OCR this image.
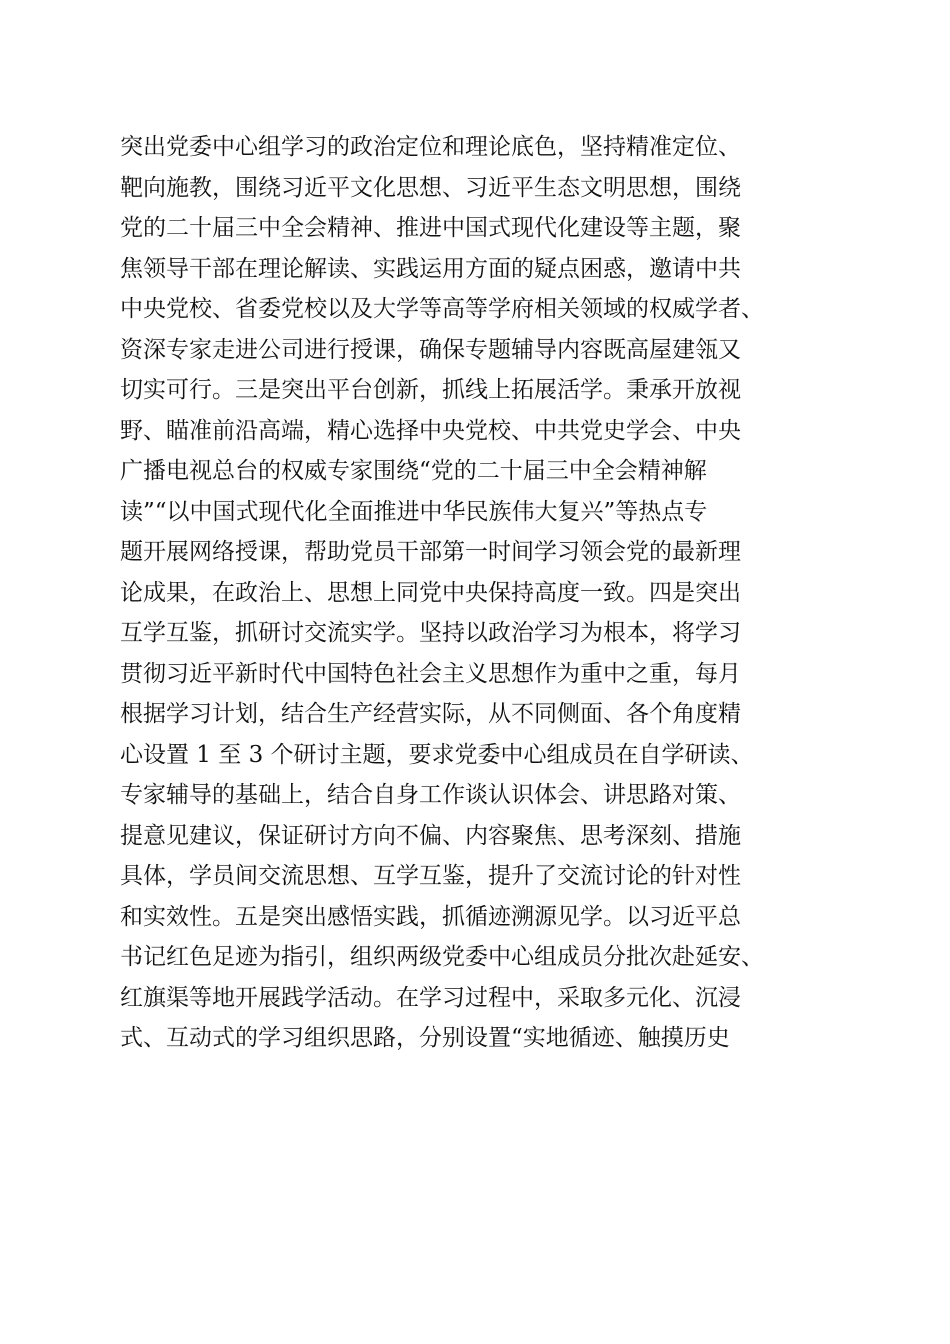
突出党委中心组学习的政治定位和理论底色，坚持精准定位、
靶向施教，围绕习近平文化思想、习近平生态文明思想，围绕
党的二十届三中全会精神、推进中国式现代化建设等主题，聚
焦领导干部在理论解读、实践运用方面的疑点困惑，邀请中共
中央党校、省委党校以及大学等高等学府相关领域的权威学者、
资深专家走进公司进行授课，确保专题辅导内容既高屋建瓴又
切实可行。三是突出平台创新，抓线上拓展活学。秉承开放视
野、瞄准前沿高端，精心选择中央党校、中共党史学会、中央
广播电视总台的权威专家围绕“党的二十届三中全会精神解
读”“以中国式现代化全面推进中华民族伟大复兴”等热点专
题开展网络授课，帮助党员干部第一时间学习领会党的最新理
论成果，在政治上、思想上同党中央保持高度一致。四是突出
互学互鉴，抓研讨交流实学。坚持以政治学习为根本，将学习
贯彻习近平新时代中国特色社会主义思想作为重中之重，每月
根据学习计划，结合生产经营实际，从不同侧面、各个角度精
心设置 1 至 3 个研讨主题，要求党委中心组成员在自学研读、
专家辅导的基础上，结合自身工作谈认识体会、讲思路对策、
提意见建议，保证研讨方向不偏、内容聚焦、思考深刻、措施
具体，学员间交流思想、互学互鉴，提升了交流讨论的针对性
和实效性。五是突出感悟实践，抓循迹溯源见学。以习近平总
书记红色足迹为指引，组织两级党委中心组成员分批次赴延安、
红旗渠等地开展践学活动。在学习过程中，采取多元化、沉浸
式、互动式的学习组织思路，分别设置“实地循迹、触摸历史
